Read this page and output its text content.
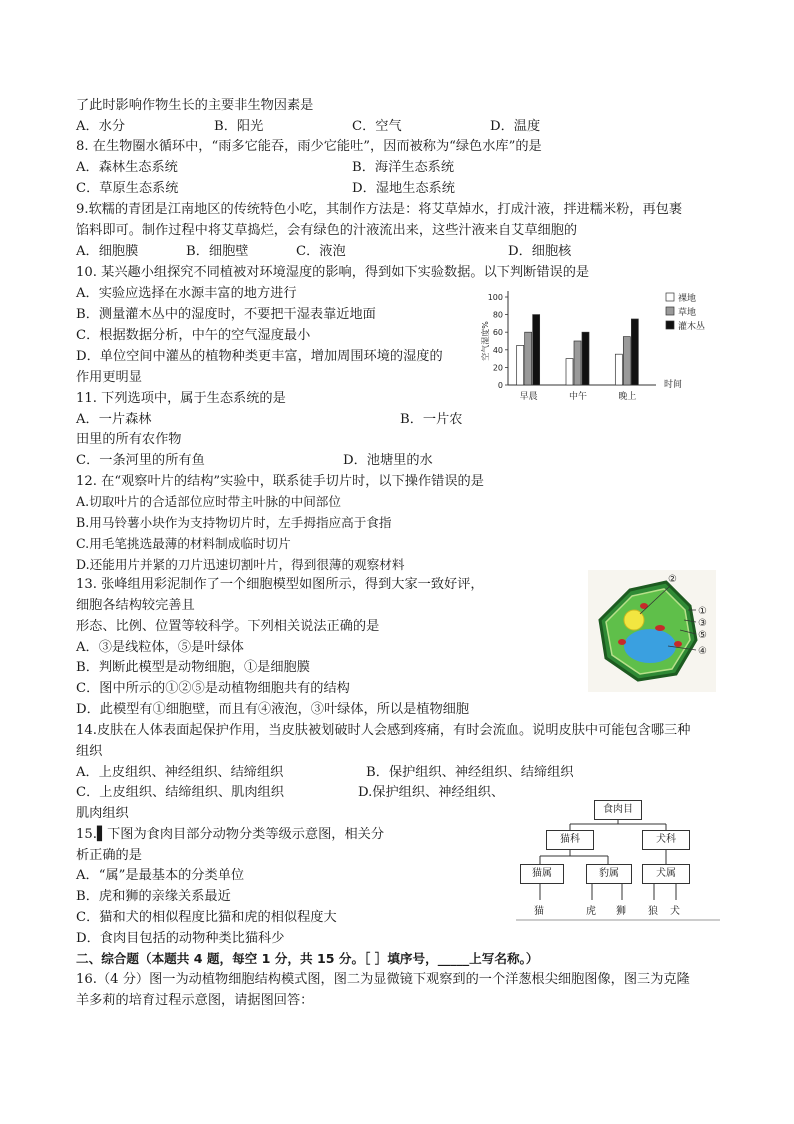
了此时影响作物生长的主要非生物因素是
A．水分	B．阳光	C．空气	D．温度
8. 在生物圈水循环中，“雨多它能吞，雨少它能吐”，因而被称为“绿色水库”的是
A．森林生态系统	B．海洋生态系统
C．草原生态系统	D．湿地生态系统
9.软糯的青团是江南地区的传统特色小吃，其制作方法是：将艾草焯水，打成汁液，拌进糯米粉，再包裹
馅料即可。制作过程中将艾草捣烂，会有绿色的汁液流出来，这些汁液来自艾草细胞的
A．细胞膜	B．细胞壁	C．液泡	D．细胞核
10. 某兴趣小组探究不同植被对环境湿度的影响，得到如下实验数据。以下判断错误的是
A．实验应选择在水源丰富的地方进行
B．测量灌木丛中的湿度时，不要把干湿表靠近地面
C．根据数据分析，中午的空气湿度最小
D．单位空间中灌丛的植物种类更丰富，增加周围环境的湿度的
作用更明显
0
20
40
60
80
100
空气湿度%
早晨	中午	晚上
时间
裸地
草地
灌木丛
11. 下列选项中，属于生态系统的是
A．一片森林	B．一片农
田里的所有农作物
C．一条河里的所有鱼	D．池塘里的水
12. 在“观察叶片的结构”实验中，联系徒手切片时，以下操作错误的是
A.切取叶片的合适部位应时带主叶脉的中间部位
B.用马铃薯小块作为支持物切片时，左手拇指应高于食指
C.用毛笔挑选最薄的材料制成临时切片
D.还能用片并紧的刀片迅速切割叶片，得到很薄的观察材料
13. 张峰组用彩泥制作了一个细胞模型如图所示，得到大家一致好评，
细胞各结构较完善且
形态、比例、位置等较科学。下列相关说法正确的是
A．③是线粒体，⑤是叶绿体
B．判断此模型是动物细胞，①是细胞膜
C．图中所示的①②⑤是动植物细胞共有的结构
D．此模型有①细胞壁，而且有④液泡，③叶绿体，所以是植物细胞
②
①
③
⑤
④
14.皮肤在人体表面起保护作用，当皮肤被划破时人会感到疼痛，有时会流血。说明皮肤中可能包含哪三种
组织
A．上皮组织、神经组织、结缔组织	B．保护组织、神经组织、结缔组织
C．上皮组织、结缔组织、肌肉组织	D.保护组织、神经组织、
肌肉组织
15.▌下图为食肉目部分动物分类等级示意图，相关分
析正确的是
A．“属”是最基本的分类单位
B．虎和狮的亲缘关系最近
C．猫和犬的相似程度比猫和虎的相似程度大
D．食肉目包括的动物种类比猫科少
食肉目
猫科	犬科
猫属	豹属	犬属
猫	虎 狮 狼 犬
二、综合题（本题共 4 题，每空 1 分，共 15 分。［ ］填序号，_____上写名称。）
16.（4 分）图一为动植物细胞结构模式图，图二为显微镜下观察到的一个洋葱根尖细胞图像，图三为克隆
羊多莉的培育过程示意图，请据图回答：
